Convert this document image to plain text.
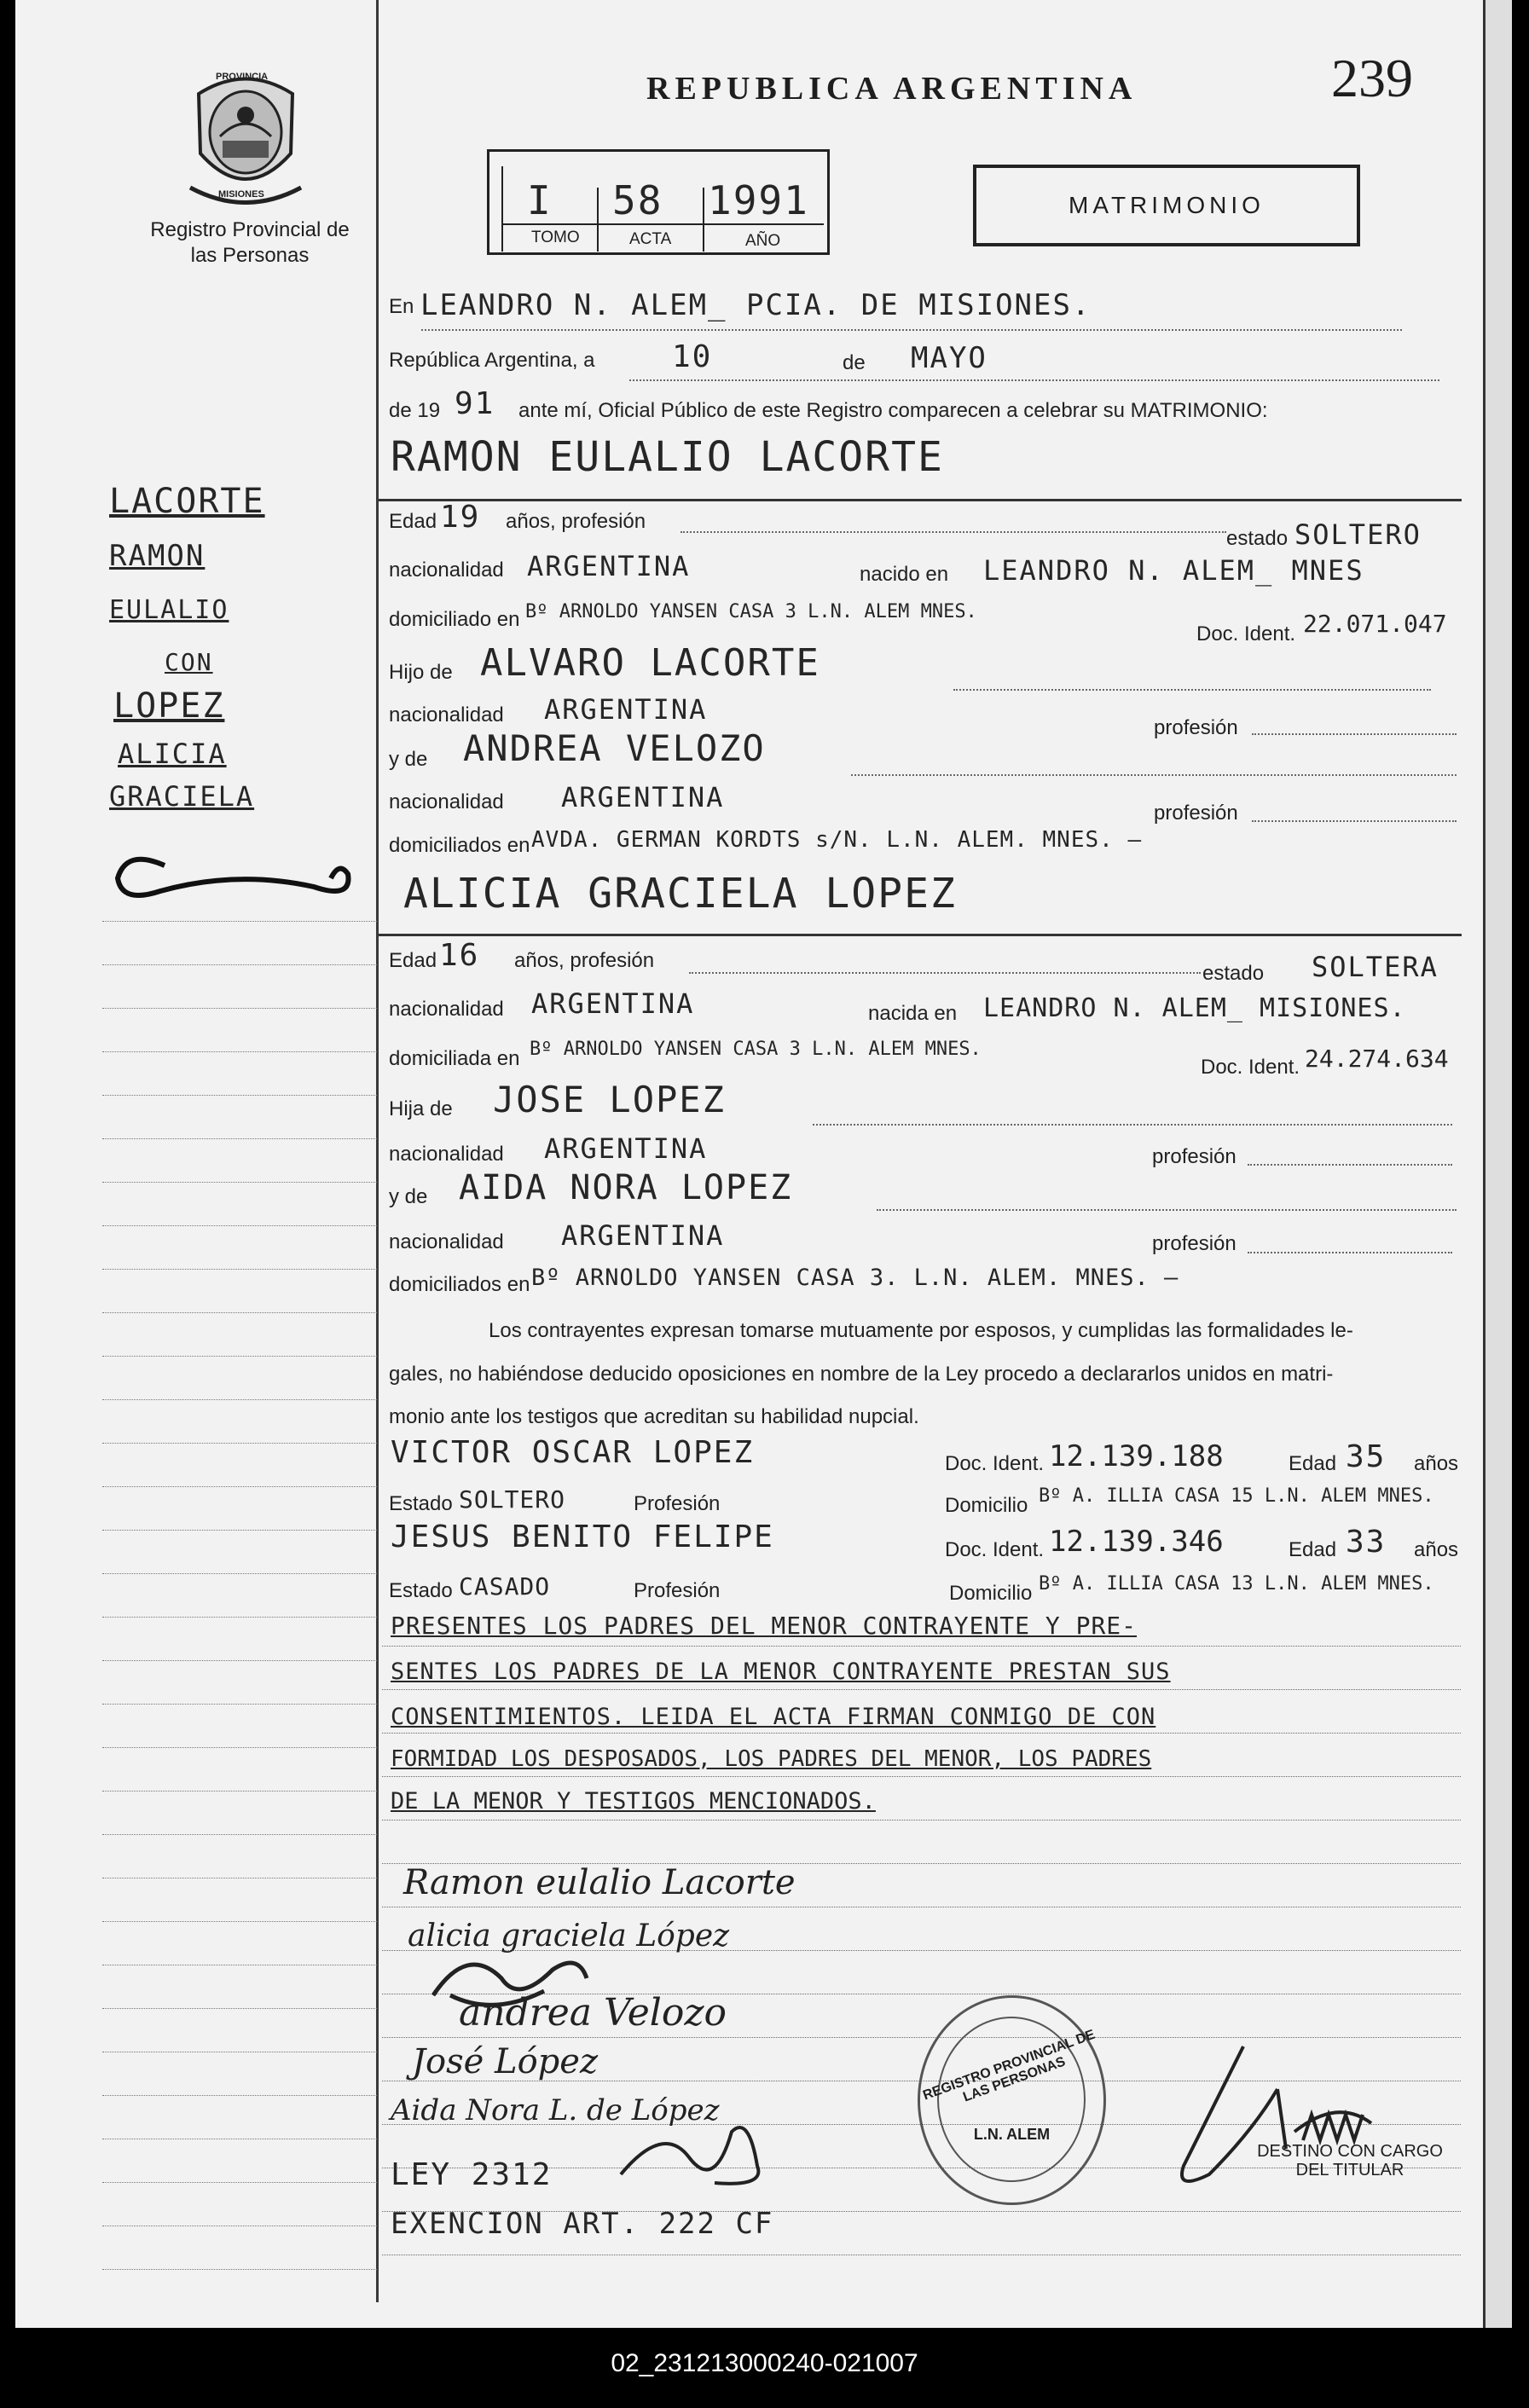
PROVINCIA
MISIONES
Registro Provincial de las Personas
LACORTE
RAMON
EULALIO
CON
LOPEZ
ALICIA
GRACIELA
REPUBLICA ARGENTINA	239
I 58 1991
TOMO	ACTA	AÑO
MATRIMONIO
En LEANDRO N. ALEM_ PCIA. DE MISIONES.
República Argentina, a	10	de MAYO
de 19 91 ante mí, Oficial Público de este Registro comparecen a celebrar su MATRIMONIO:
RAMON EULALIO LACORTE
Edad 19 años, profesión
estado SOLTERO
nacionalidad ARGENTINA	nacido en LEANDRO N. ALEM_ MNES
domiciliado en Bº ARNOLDO YANSEN CASA 3 L.N. ALEM MNES.
Doc. Ident. 22.071.047
Hijo de ALVARO LACORTE
nacionalidad ARGENTINA
profesión
y de ANDREA VELOZO
nacionalidad ARGENTINA	profesión
domiciliados en AVDA. GERMAN KORDTS s/N. L.N. ALEM. MNES. —
ALICIA GRACIELA LOPEZ
Edad 16 años, profesión
estado SOLTERA
nacionalidad ARGENTINA	nacida en LEANDRO N. ALEM_ MISIONES.
domiciliada en Bº ARNOLDO YANSEN CASA 3 L.N. ALEM MNES.
Doc. Ident. 24.274.634
Hija de JOSE LOPEZ
nacionalidad ARGENTINA	profesión
y de AIDA NORA LOPEZ
nacionalidad ARGENTINA	profesión
domiciliados en Bº ARNOLDO YANSEN CASA 3. L.N. ALEM. MNES. —
Los contrayentes expresan tomarse mutuamente por esposos, y cumplidas las formalidades le-
gales, no habiéndose deducido oposiciones en nombre de la Ley procedo a declararlos unidos en matri-
monio ante los testigos que acreditan su habilidad nupcial.
VICTOR OSCAR LOPEZ	Doc. Ident. 12.139.188	Edad 35 años
Estado SOLTERO	Profesión	Domicilio Bº A. ILLIA CASA 15 L.N. ALEM MNES.
JESUS BENITO FELIPE	Doc. Ident. 12.139.346	Edad 33 años
Estado CASADO	Profesión	Domicilio Bº A. ILLIA CASA 13 L.N. ALEM MNES.
PRESENTES LOS PADRES DEL MENOR CONTRAYENTE Y PRE-
SENTES LOS PADRES DE LA MENOR CONTRAYENTE PRESTAN SUS
CONSENTIMIENTOS. LEIDA EL ACTA FIRMAN CONMIGO DE CON
FORMIDAD LOS DESPOSADOS, LOS PADRES DEL MENOR, LOS PADRES
DE LA MENOR Y TESTIGOS MENCIONADOS.
Ramon eulalio Lacorte
alicia graciela López
andrea Velozo
José López
Aida Nora L. de López
REGISTRO PROVINCIAL DE LAS PERSONAS
L.N. ALEM
DESTINO CON CARGO DEL TITULAR
LEY 2312
EXENCION ART. 222 CF
02_231213000240-021007
